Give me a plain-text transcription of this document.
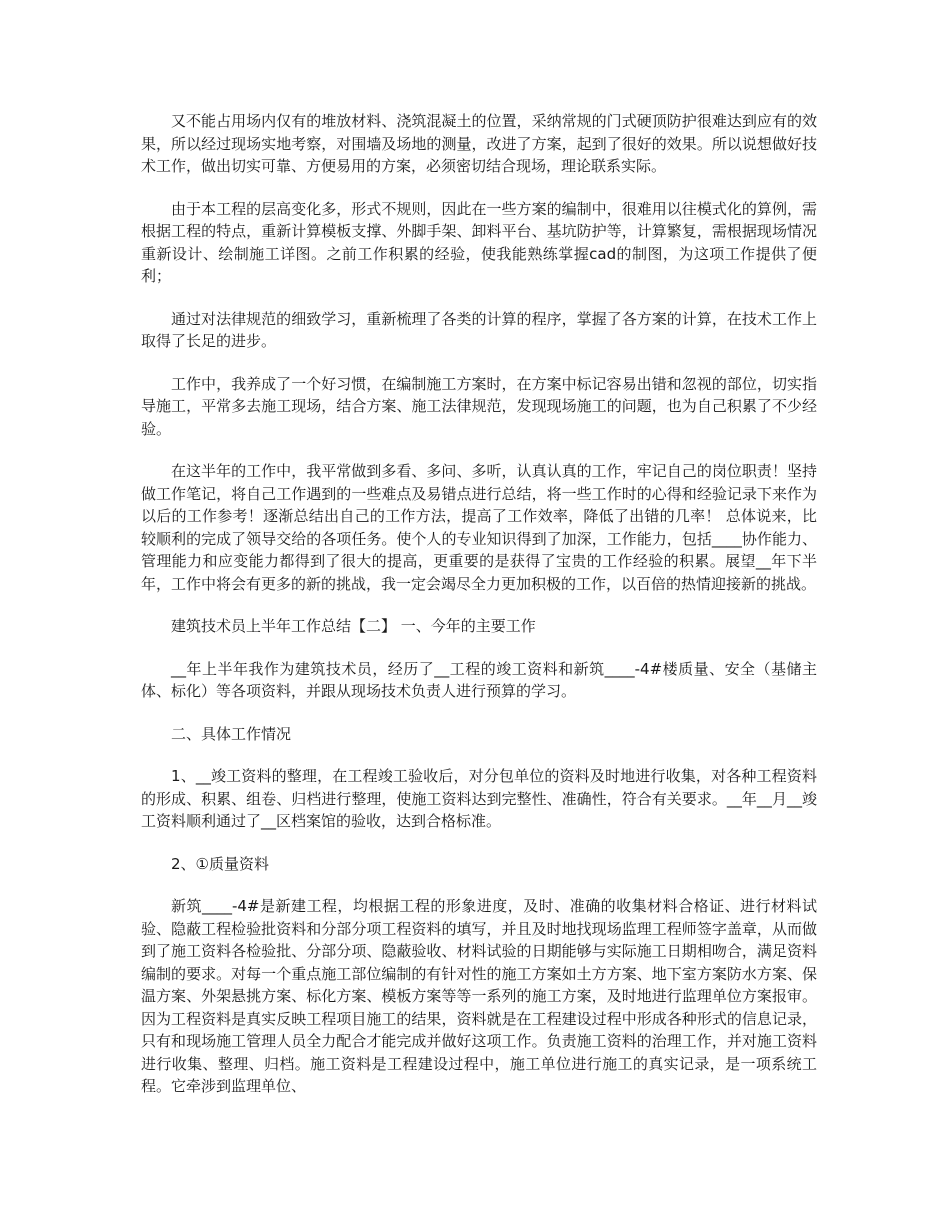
又不能占用场内仅有的堆放材料、浇筑混凝土的位置，采纳常规的门式硬顶防护很难达到应有的效果，所以经过现场实地考察，对围墙及场地的测量，改进了方案，起到了很好的效果。所以说想做好技术工作，做出切实可靠、方便易用的方案，必须密切结合现场，理论联系实际。

由于本工程的层高变化多，形式不规则，因此在一些方案的编制中，很难用以往模式化的算例，需根据工程的特点，重新计算模板支撑、外脚手架、卸料平台、基坑防护等，计算繁复，需根据现场情况重新设计、绘制施工详图。之前工作积累的经验，使我能熟练掌握cad的制图，为这项工作提供了便利；

通过对法律规范的细致学习，重新梳理了各类的计算的程序，掌握了各方案的计算，在技术工作上取得了长足的进步。

工作中，我养成了一个好习惯，在编制施工方案时，在方案中标记容易出错和忽视的部位，切实指导施工，平常多去施工现场，结合方案、施工法律规范，发现现场施工的问题，也为自己积累了不少经验。

在这半年的工作中，我平常做到多看、多问、多听，认真认真的工作，牢记自己的岗位职责！坚持做工作笔记，将自己工作遇到的一些难点及易错点进行总结，将一些工作时的心得和经验记录下来作为以后的工作参考！逐渐总结出自己的工作方法，提高了工作效率，降低了出错的几率！ 总体说来，比较顺利的完成了领导交给的各项任务。使个人的专业知识得到了加深，工作能力，包括____协作能力、管理能力和应变能力都得到了很大的提高，更重要的是获得了宝贵的工作经验的积累。展望__年下半年，工作中将会有更多的新的挑战，我一定会竭尽全力更加积极的工作，以百倍的热情迎接新的挑战。

建筑技术员上半年工作总结【二】 一、今年的主要工作

__年上半年我作为建筑技术员，经历了__工程的竣工资料和新筑____-4#楼质量、安全（基储主体、标化）等各项资料，并跟从现场技术负责人进行预算的学习。

二、具体工作情况

1、__竣工资料的整理，在工程竣工验收后，对分包单位的资料及时地进行收集，对各种工程资料的形成、积累、组卷、归档进行整理，使施工资料达到完整性、准确性，符合有关要求。__年__月__竣工资料顺利通过了__区档案馆的验收，达到合格标准。

2、①质量资料

新筑____-4#是新建工程，均根据工程的形象进度，及时、准确的收集材料合格证、进行材料试验、隐蔽工程检验批资料和分部分项工程资料的填写，并且及时地找现场监理工程师签字盖章，从而做到了施工资料各检验批、分部分项、隐蔽验收、材料试验的日期能够与实际施工日期相吻合，满足资料编制的要求。对每一个重点施工部位编制的有针对性的施工方案如土方方案、地下室方案防水方案、保温方案、外架悬挑方案、标化方案、模板方案等等一系列的施工方案，及时地进行监理单位方案报审。因为工程资料是真实反映工程项目施工的结果，资料就是在工程建设过程中形成各种形式的信息记录，只有和现场施工管理人员全力配合才能完成并做好这项工作。负责施工资料的治理工作，并对施工资料进行收集、整理、归档。施工资料是工程建设过程中，施工单位进行施工的真实记录，是一项系统工程。它牵涉到监理单位、
